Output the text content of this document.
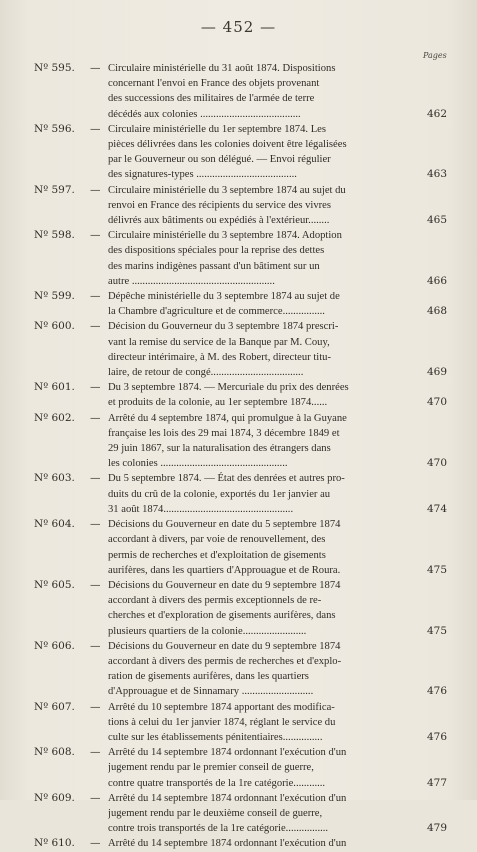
— 452 —
Pages
Nº 595.	— Circulaire ministérielle du 31 août 1874. Dispositions
concernant l'envoi en France des objets provenant
des successions des militaires de l'armée de terre
décédés aux colonies ......................................	462
Nº 596.	— Circulaire ministérielle du 1er septembre 1874. Les
pièces délivrées dans les colonies doivent être légalisées
par le Gouverneur ou son délégué. — Envoi régulier
des signatures-types ......................................	463
Nº 597.	— Circulaire ministérielle du 3 septembre 1874 au sujet du
renvoi en France des récipients du service des vivres
délivrés aux bâtiments ou expédiés à l'extérieur........	465
Nº 598.	— Circulaire ministérielle du 3 septembre 1874. Adoption
des dispositions spéciales pour la reprise des dettes
des marins indigènes passant d'un bâtiment sur un
autre ......................................................	466
Nº 599.	— Dépêche ministérielle du 3 septembre 1874 au sujet de
la Chambre d'agriculture et de commerce................	468
Nº 600.	— Décision du Gouverneur du 3 septembre 1874 prescri-
vant la remise du service de la Banque par M. Couy,
directeur intérimaire, à M. des Robert, directeur titu-
laire, de retour de congé...................................	469
Nº 601.	— Du 3 septembre 1874. — Mercuriale du prix des denrées
et produits de la colonie, au 1er septembre 1874......	470
Nº 602.	— Arrêté du 4 septembre 1874, qui promulgue à la Guyane
française les lois des 29 mai 1874, 3 décembre 1849 et
29 juin 1867, sur la naturalisation des étrangers dans
les colonies ................................................	470
Nº 603.	— Du 5 septembre 1874. — État des denrées et autres pro-
duits du crû de la colonie, exportés du 1er janvier au
31 août 1874.................................................	474
Nº 604.	— Décisions du Gouverneur en date du 5 septembre 1874
accordant à divers, par voie de renouvellement, des
permis de recherches et d'exploitation de gisements
aurifères, dans les quartiers d'Approuague et de Roura.	475
Nº 605.	— Décisions du Gouverneur en date du 9 septembre 1874
accordant à divers des permis exceptionnels de re-
cherches et d'exploration de gisements aurifères, dans
plusieurs quartiers de la colonie........................	475
Nº 606.	— Décisions du Gouverneur en date du 9 septembre 1874
accordant à divers des permis de recherches et d'explo-
ration de gisements aurifères, dans les quartiers
d'Approuague et de Sinnamary ...........................	476
Nº 607.	— Arrêté du 10 septembre 1874 apportant des modifica-
tions à celui du 1er janvier 1874, réglant le service du
culte sur les établissements pénitentiaires...............	476
Nº 608.	— Arrêté du 14 septembre 1874 ordonnant l'exécution d'un
jugement rendu par le premier conseil de guerre,
contre quatre transportés de la 1re catégorie............	477
Nº 609.	— Arrêté du 14 septembre 1874 ordonnant l'exécution d'un
jugement rendu par le deuxième conseil de guerre,
contre trois transportés de la 1re catégorie................	479
Nº 610.	— Arrêté du 14 septembre 1874 ordonnant l'exécution d'un
